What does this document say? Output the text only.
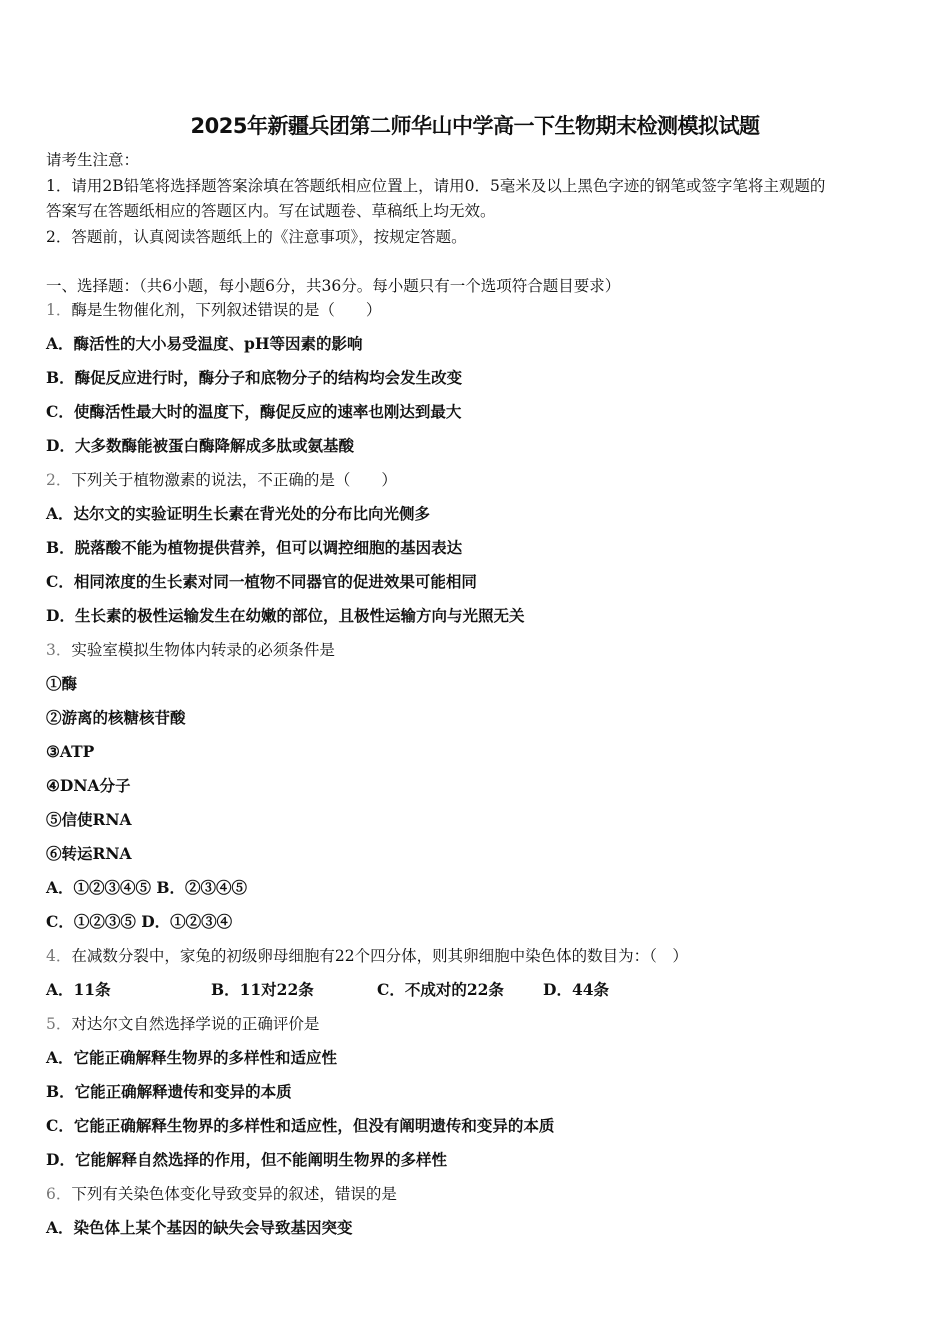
2025年新疆兵团第二师华山中学高一下生物期末检测模拟试题
请考生注意：
1．请用2B铅笔将选择题答案涂填在答题纸相应位置上，请用0．5毫米及以上黑色字迹的钢笔或签字笔将主观题的
答案写在答题纸相应的答题区内。写在试题卷、草稿纸上均无效。
2．答题前，认真阅读答题纸上的《注意事项》，按规定答题。
一、选择题：（共6小题，每小题6分，共36分。每小题只有一个选项符合题目要求）
1．酶是生物催化剂，下列叙述错误的是（　　）
A．酶活性的大小易受温度、pH等因素的影响
B．酶促反应进行时，酶分子和底物分子的结构均会发生改变
C．使酶活性最大时的温度下，酶促反应的速率也刚达到最大
D．大多数酶能被蛋白酶降解成多肽或氨基酸
2．下列关于植物激素的说法，不正确的是（　　）
A．达尔文的实验证明生长素在背光处的分布比向光侧多
B．脱落酸不能为植物提供营养，但可以调控细胞的基因表达
C．相同浓度的生长素对同一植物不同器官的促进效果可能相同
D．生长素的极性运输发生在幼嫩的部位，且极性运输方向与光照无关
3．实验室模拟生物体内转录的必须条件是
①酶
②游离的核糖核苷酸
③ATP
④DNA分子
⑤信使RNA
⑥转运RNA
A．①②③④⑤ B．②③④⑤
C．①②③⑤ D．①②③④
4．在减数分裂中，家兔的初级卵母细胞有22个四分体，则其卵细胞中染色体的数目为：（　）
A．11条	B．11对22条	C．不成对的22条	D．44条
5．对达尔文自然选择学说的正确评价是
A．它能正确解释生物界的多样性和适应性
B．它能正确解释遗传和变异的本质
C．它能正确解释生物界的多样性和适应性，但没有阐明遗传和变异的本质
D．它能解释自然选择的作用，但不能阐明生物界的多样性
6．下列有关染色体变化导致变异的叙述，错误的是
A．染色体上某个基因的缺失会导致基因突变
